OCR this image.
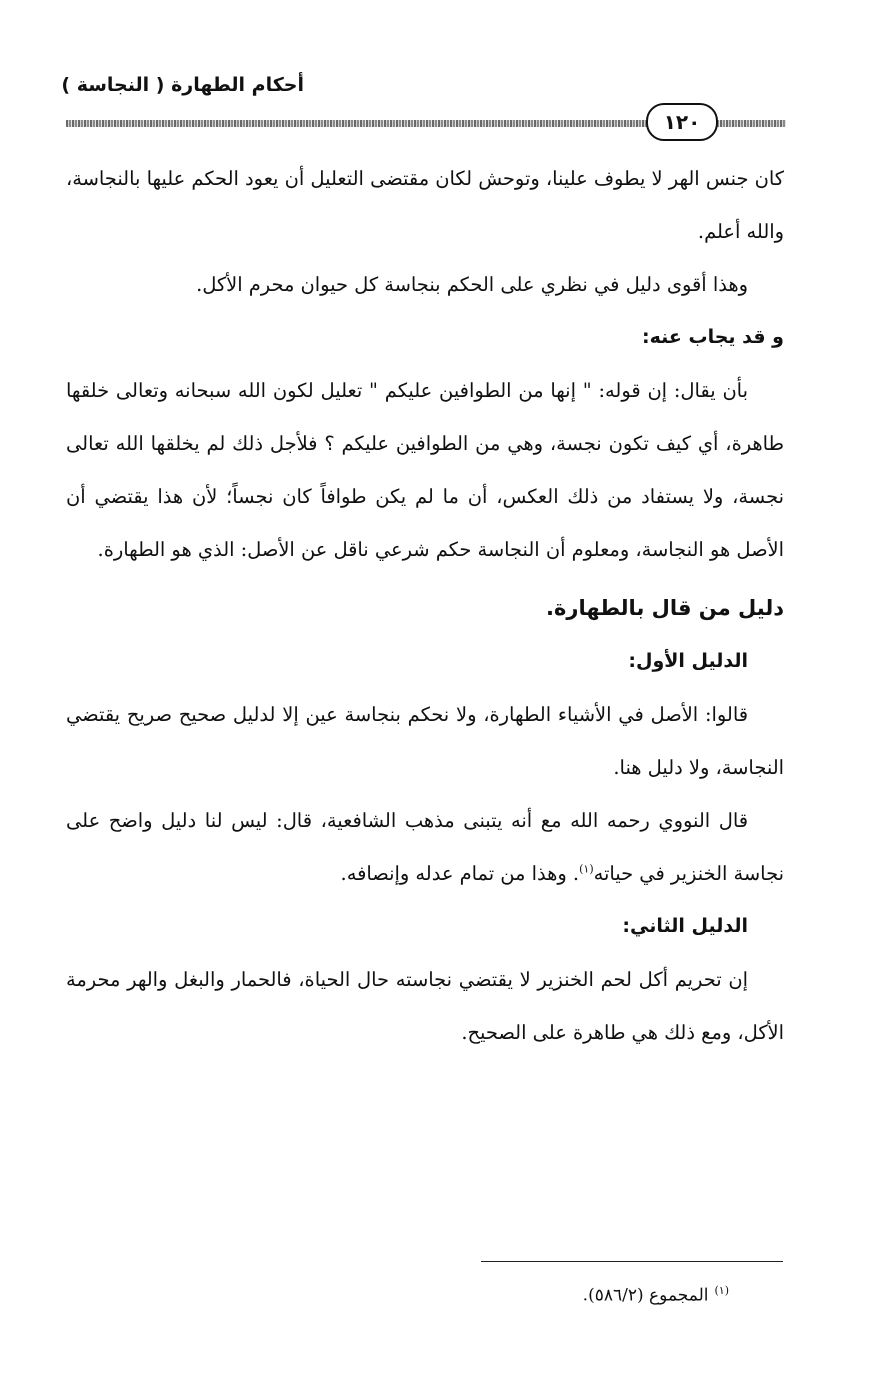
أحكام الطهارة ( النجاسة )
١٢٠

كان جنس الهر لا يطوف علينا، وتوحش لكان مقتضى التعليل أن يعود الحكم عليها بالنجاسة، والله أعلم.

وهذا أقوى دليل في نظري على الحكم بنجاسة كل حيوان محرم الأكل.

و قد يجاب عنه:

بأن يقال: إن قوله: " إنها من الطوافين عليكم " تعليل لكون الله سبحانه وتعالى خلقها طاهرة، أي كيف تكون نجسة، وهي من الطوافين عليكم ؟ فلأجل ذلك لم يخلقها الله تعالى نجسة، ولا يستفاد من ذلك العكس، أن ما لم يكن طوافاً كان نجساً؛ لأن هذا يقتضي أن الأصل هو النجاسة، ومعلوم أن النجاسة حكم شرعي ناقل عن الأصل: الذي هو الطهارة.

دليل من قال بالطهارة.

الدليل الأول:

قالوا: الأصل في الأشياء الطهارة، ولا نحكم بنجاسة عين إلا لدليل صحيح صريح يقتضي النجاسة، ولا دليل هنا.

قال النووي رحمه الله مع أنه يتبنى مذهب الشافعية، قال: ليس لنا دليل واضح على نجاسة الخنزير في حياته$^{(١)}$. وهذا من تمام عدله وإنصافه.

الدليل الثاني:

إن تحريم أكل لحم الخنزير لا يقتضي نجاسته حال الحياة، فالحمار والبغل والهر محرمة الأكل، ومع ذلك هي طاهرة على الصحيح.

$^{(١)}$المجموع (٥٨٦/٢).
